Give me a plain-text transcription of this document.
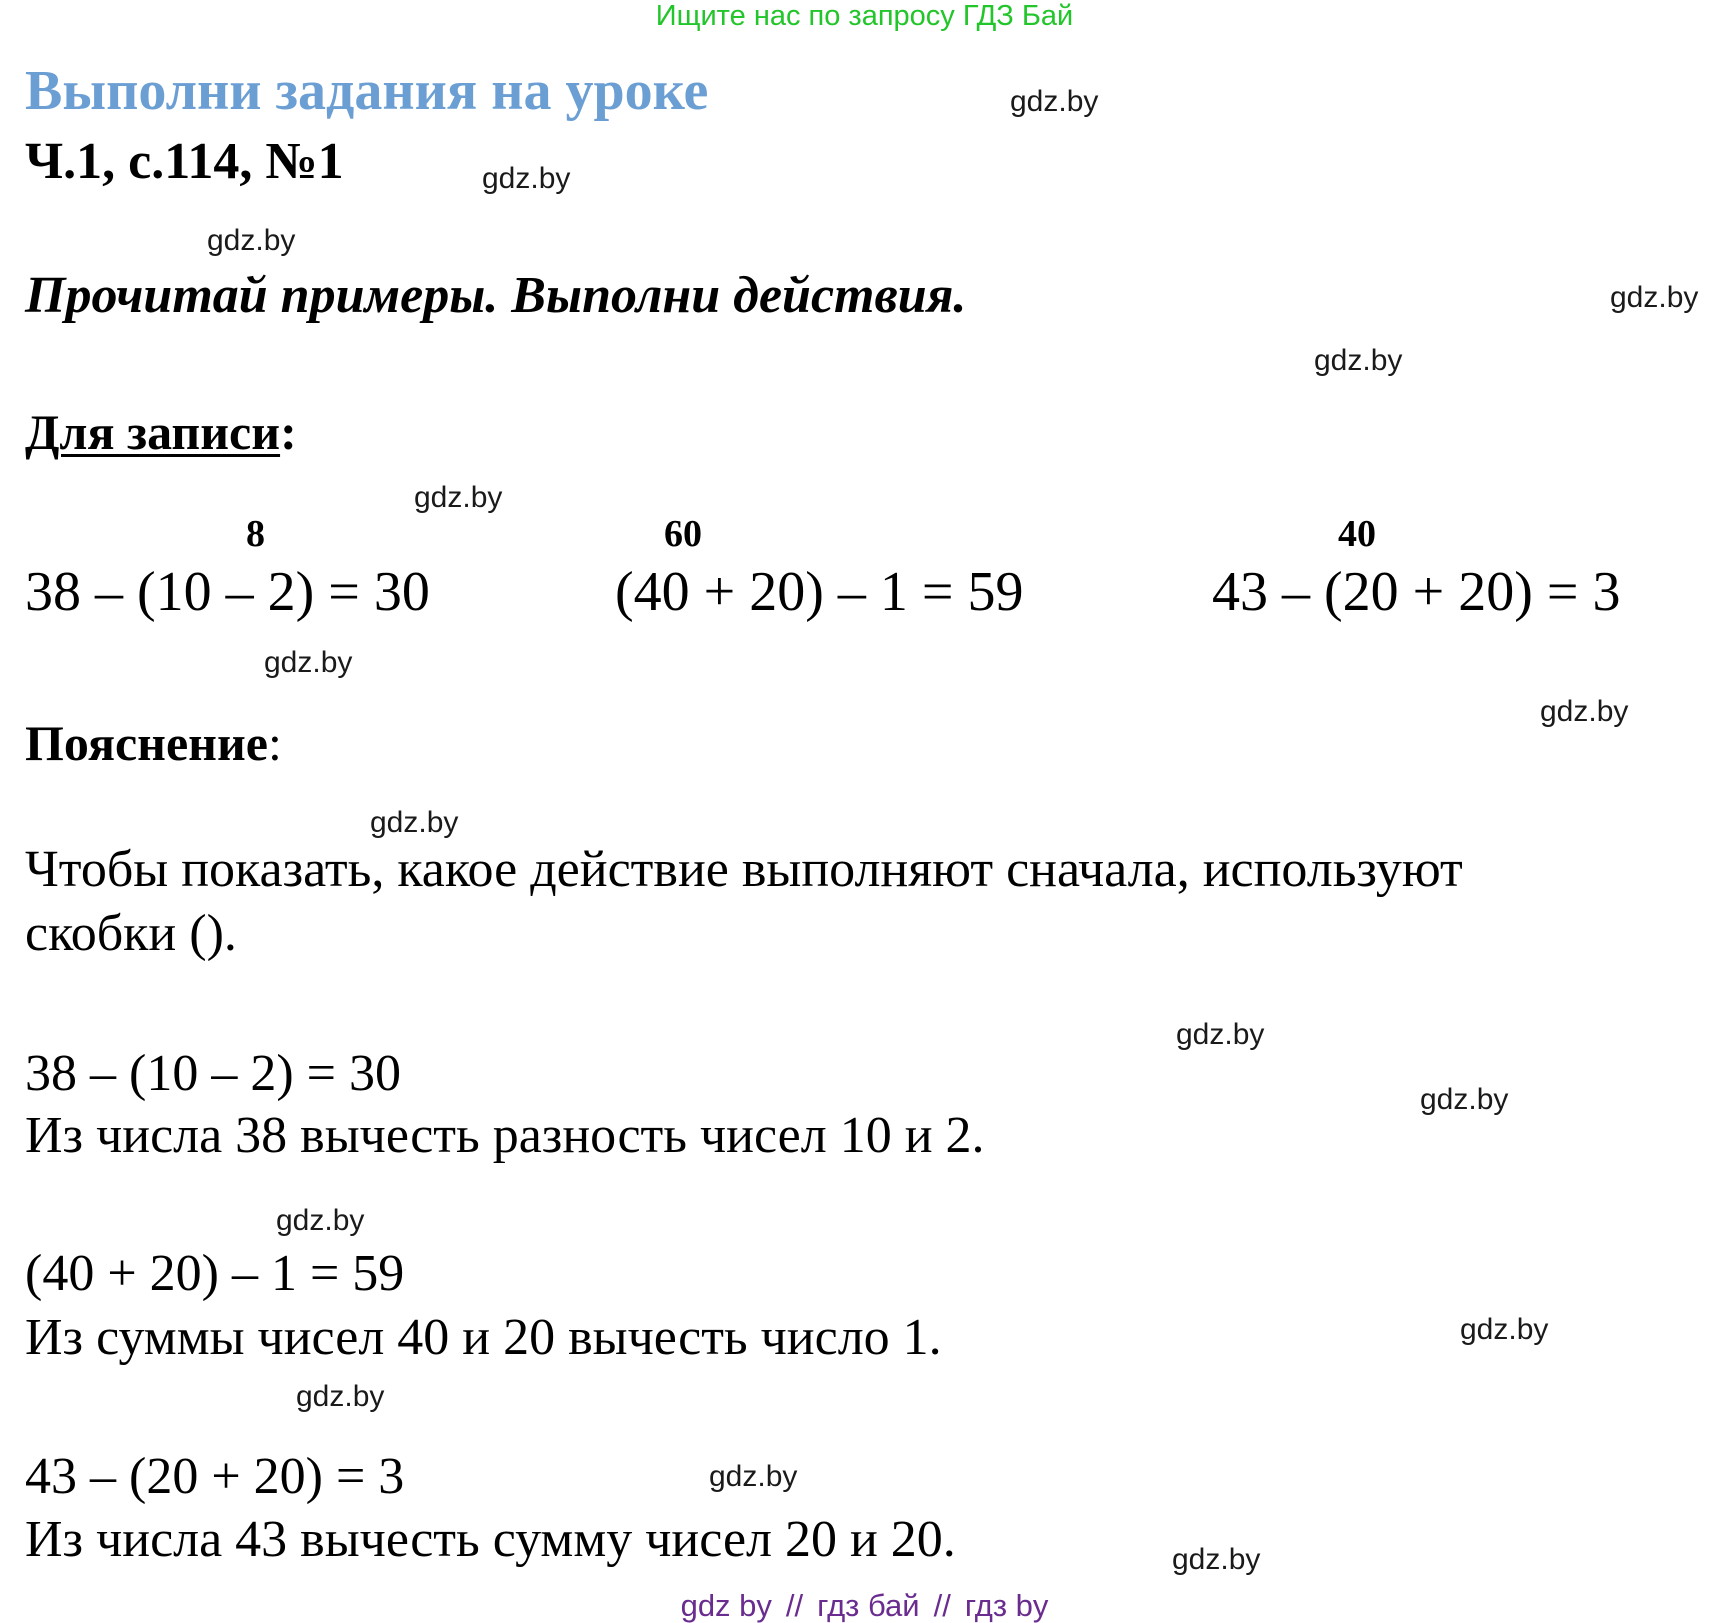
Ищите нас по запросу ГДЗ Бай
Выполни задания на уроке
Ч.1, с.114, №1
Прочитай примеры. Выполни действия.
Для записи:
8
38 – (10 – 2) = 30
60
(40 + 20) – 1 = 59
40
43 – (20 + 20) = 3
Пояснение:
Чтобы показать, какое действие выполняют сначала, используют
скобки ().
38 – (10 – 2) = 30
Из числа 38 вычесть разность чисел 10 и 2.
(40 + 20) – 1 = 59
Из суммы чисел 40 и 20 вычесть число 1.
43 – (20 + 20) = 3
Из числа 43 вычесть сумму чисел 20 и 20.
gdz.by
gdz.by
gdz.by
gdz.by
gdz.by
gdz.by
gdz.by
gdz.by
gdz.by
gdz.by
gdz.by
gdz.by
gdz.by
gdz.by
gdz.by
gdz.by
gdz by // гдз бай // гдз by
